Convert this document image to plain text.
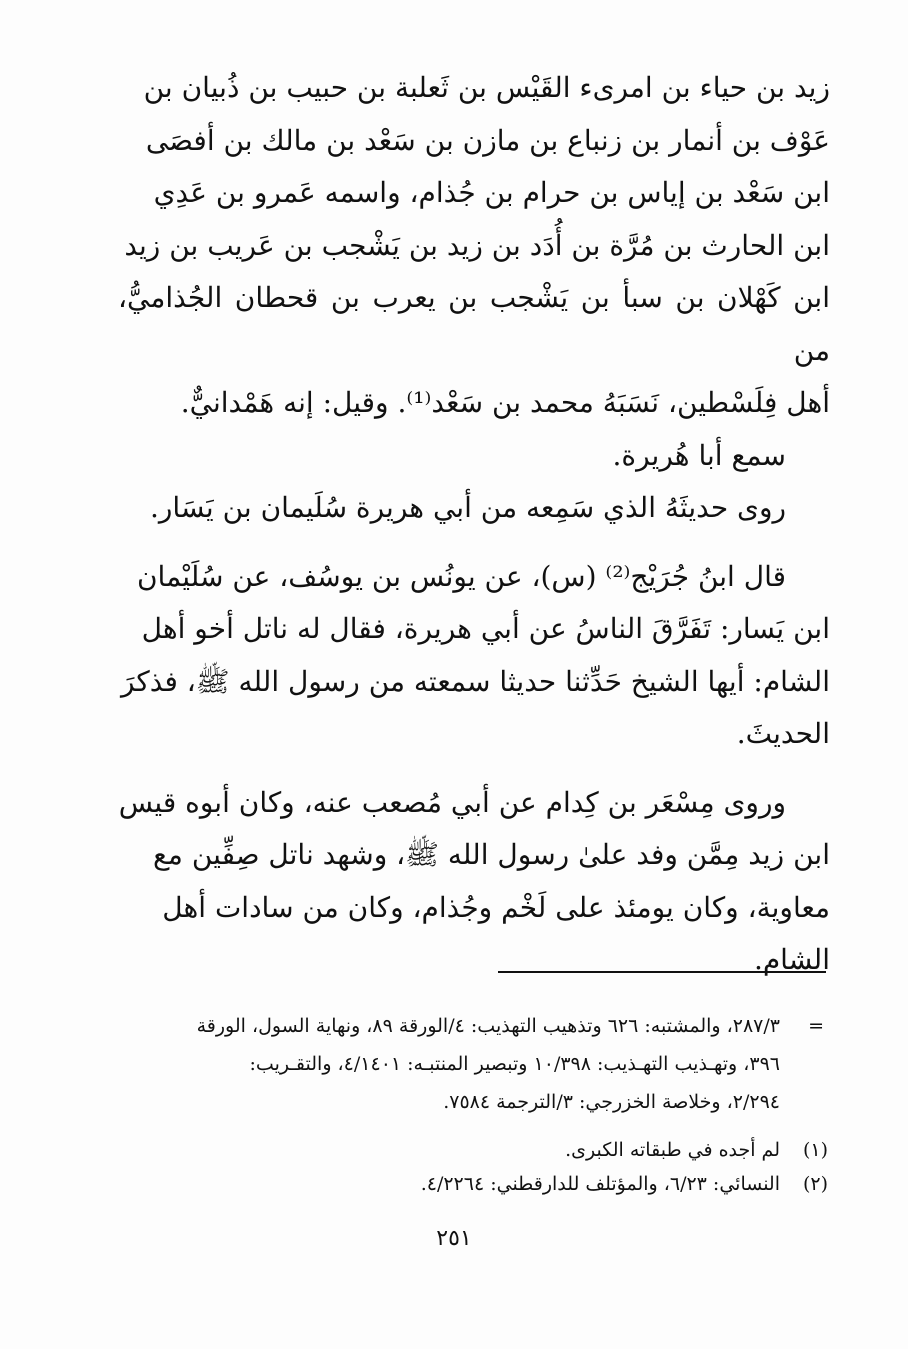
زيد بن حياء بن امرىء القَيْس بن ثَعلبة بن حبيب بن ذُبيان بن

عَوْف بن أنمار بن زنباع بن مازن بن سَعْد بن مالك بن أفصَى

ابن سَعْد بن إياس بن حرام بن جُذام، واسمه عَمرو بن عَدِي

ابن الحارث بن مُرَّة بن أُدَد بن زيد بن يَشْجب بن عَريب بن زيد

ابن كَهْلان بن سبأ بن يَشْجب بن يعرب بن قحطان الجُذاميُّ، من

أهل فِلَسْطين، نَسَبَهُ محمد بن سَعْد⁽¹⁾. وقيل: إنه هَمْدانيٌّ.

سمع أبا هُريرة.

روى حديثَهُ الذي سَمِعه من أبي هريرة سُلَيمان بن يَسَار.

قال ابنُ جُرَيْج⁽²⁾ (س)، عن يونُس بن يوسُف، عن سُلَيْمان

ابن يَسار: تَفَرَّقَ الناسُ عن أبي هريرة، فقال له ناتل أخو أهل

الشام: أيها الشيخ حَدِّثنا حديثا سمعته من رسول الله ﷺ، فذكرَ

الحديثَ.

وروى مِسْعَر بن كِدام عن أبي مُصعب عنه، وكان أبوه قيس

ابن زيد مِمَّن وفد علىٰ رسول الله ﷺ، وشهد ناتل صِفِّين مع

معاوية، وكان يومئذ على لَخْم وجُذام، وكان من سادات أهل

الشام.

=

٢٨٧/٣، والمشتبه: ٦٢٦ وتذهيب التهذيب: ٤/الورقة ٨٩، ونهاية السول، الورقة

٣٩٦، وتهـذيب التهـذيب: ١٠/٣٩٨ وتبصير المنتبـه: ٤/١٤٠١، والتقـريب:

٢/٢٩٤، وخلاصة الخزرجي: ٣/الترجمة ٧٥٨٤.

(١)
لم أجده في طبقاته الكبرى.
(٢)
النسائي: ٦/٢٣، والمؤتلف للدارقطني: ٤/٢٢٦٤.
٢٥١
